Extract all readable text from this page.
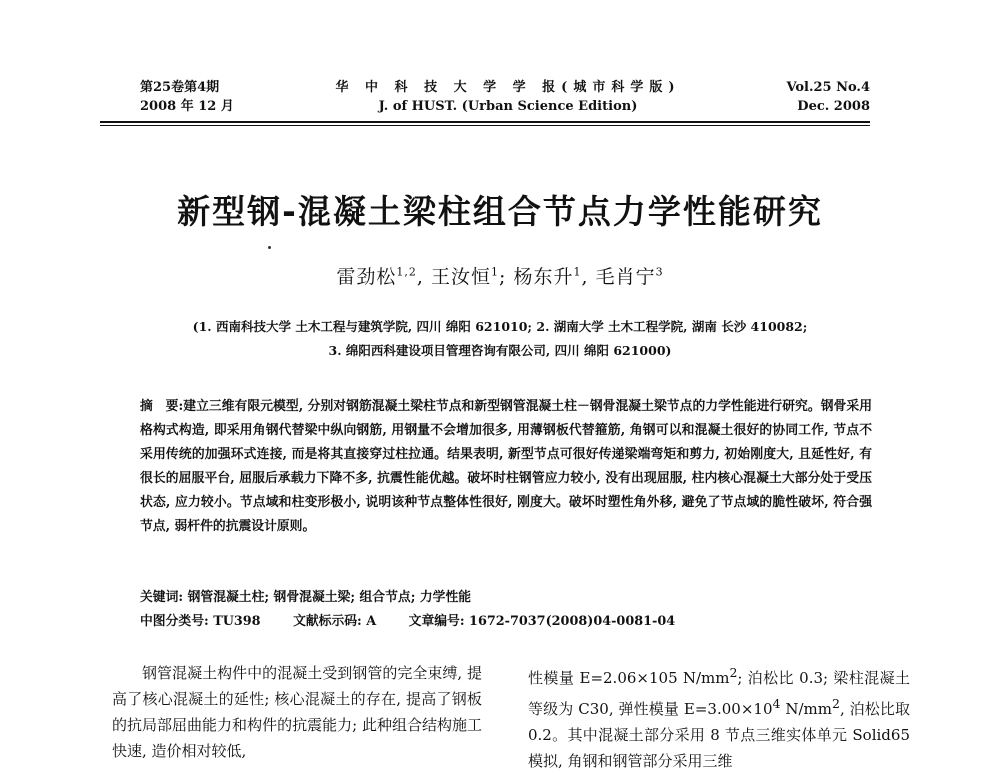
第25卷第4期
2008 年 12 月
华 中 科 技 大 学 学 报(城市科学版)
J. of HUST. (Urban Science Edition)
Vol.25 No.4
Dec. 2008
新型钢-混凝土梁柱组合节点力学性能研究
雷劲松$^{1,2}$, 王汝恒$^1$; 杨东升$^1$, 毛肖宁$^3$
(1. 西南科技大学 土木工程与建筑学院, 四川 绵阳 621010; 2. 湖南大学 土木工程学院, 湖南 长沙 410082;
3. 绵阳西科建设项目管理咨询有限公司, 四川 绵阳 621000)
摘　要:建立三维有限元模型, 分别对钢筋混凝土梁柱节点和新型钢管混凝土柱－钢骨混凝土梁节点的力学性能进行研究。钢骨采用格构式构造, 即采用角钢代替梁中纵向钢筋, 用钢量不会增加很多, 用薄钢板代替箍筋, 角钢可以和混凝土很好的协同工作, 节点不采用传统的加强环式连接, 而是将其直接穿过柱拉通。结果表明, 新型节点可很好传递梁端弯矩和剪力, 初始刚度大, 且延性好, 有很长的屈服平台, 屈服后承载力下降不多, 抗震性能优越。破坏时柱钢管应力较小, 没有出现屈服, 柱内核心混凝土大部分处于受压状态, 应力较小。节点域和柱变形极小, 说明该种节点整体性很好, 刚度大。破坏时塑性角外移, 避免了节点域的脆性破坏, 符合强节点, 弱杆件的抗震设计原则。
关键词: 钢管混凝土柱; 钢骨混凝土梁; 组合节点; 力学性能
中图分类号: TU398	文献标示码: A	文章编号: 1672-7037(2008)04-0081-04
钢管混凝土构件中的混凝土受到钢管的完全束缚, 提高了核心混凝土的延性; 核心混凝土的存在, 提高了钢板的抗局部屈曲能力和构件的抗震能力; 此种组合结构施工快速, 造价相对较低,
性模量 E=2.06×105 $N/mm^2$; 泊松比 0.3; 梁柱混凝土等级为 C30, 弹性模量 $E=3.00\times 10^4$ $N/mm^2$, 泊松比取 0.2。其中混凝土部分采用 8 节点三维实体单元 Solid65 模拟, 角钢和钢管部分采用三维
